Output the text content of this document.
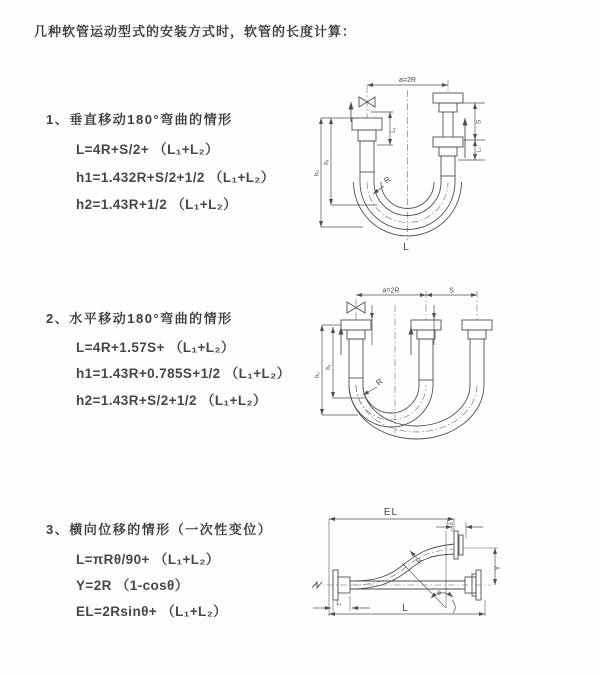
几种软管运动型式的安装方式时，软管的长度计算：
1、垂直移动180°弯曲的情形
L=4R+S/2+ （L₁+L₂）
h1=1.432R+S/2+1/2 （L₁+L₂）
h2=1.43R+1/2 （L₁+L₂）
2、水平移动180°弯曲的情形
L=4R+1.57S+ （L₁+L₂）
h1=1.43R+0.785S+1/2 （L₁+L₂）
h2=1.43R+S/2+1/2 （L₁+L₂）
3、横向位移的情形（一次性变位）
L=πRθ/90+ （L₁+L₂）
Y=2R （1-cosθ）
EL=2Rsinθ+ （L₁+L₂）
a=2R
L₁
S
L₁
h₁
h₂
R
L
a=2R	S
h₁
h₂
R
EL
L₁
Y
R
θ
L
L₁
